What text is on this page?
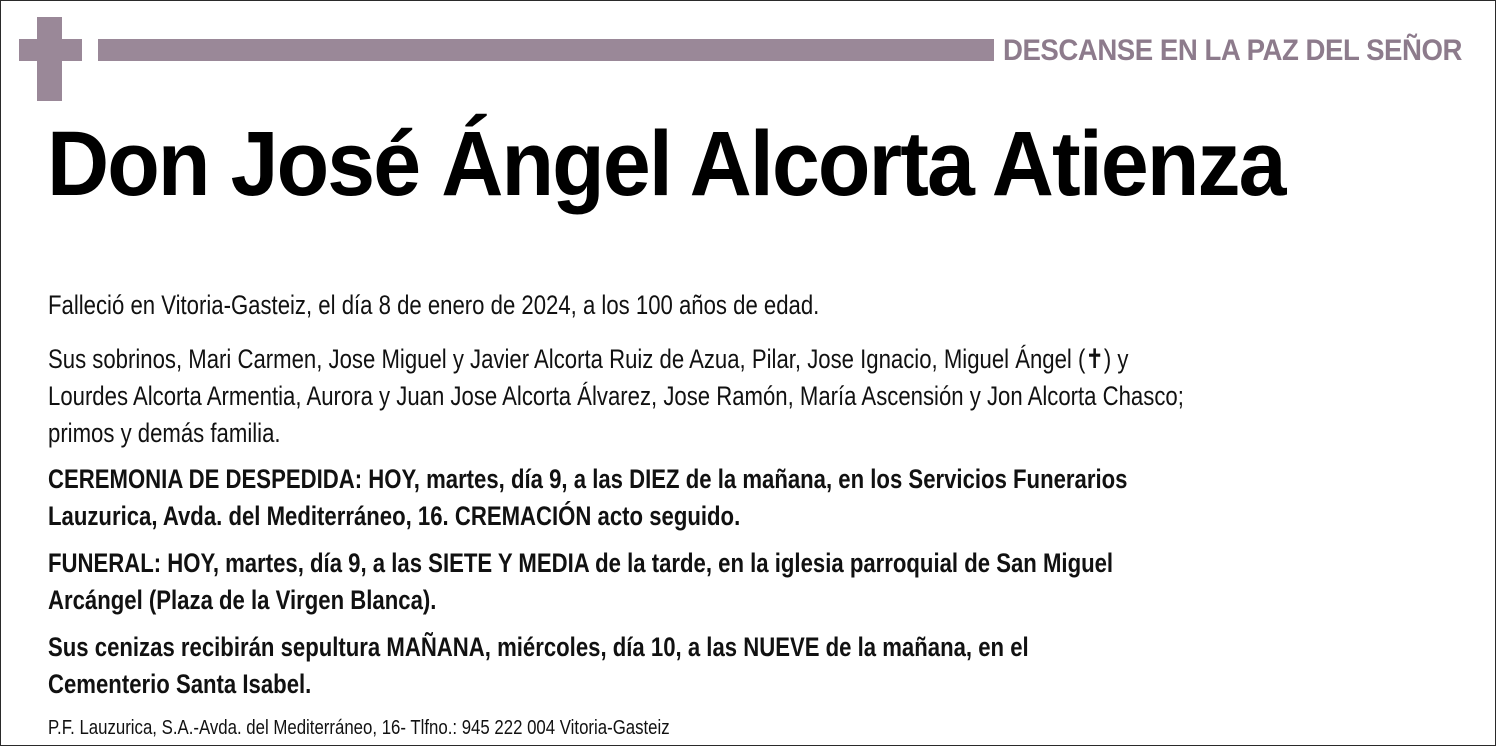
DESCANSE EN LA PAZ DEL SEÑOR
Don José Ángel Alcorta Atienza
Falleció en Vitoria-Gasteiz, el día 8 de enero de 2024, a los 100 años de edad.
Sus sobrinos, Mari Carmen, Jose Miguel y Javier Alcorta Ruiz de Azua, Pilar, Jose Ignacio, Miguel Ángel (✝) y
Lourdes Alcorta Armentia, Aurora y Juan Jose Alcorta Álvarez, Jose Ramón, María Ascensión y Jon Alcorta Chasco;
primos y demás familia.
CEREMONIA DE DESPEDIDA: HOY, martes, día 9, a las DIEZ de la mañana, en los Servicios Funerarios
Lauzurica, Avda. del Mediterráneo, 16. CREMACIÓN acto seguido.
FUNERAL: HOY, martes, día 9, a las SIETE Y MEDIA de la tarde, en la iglesia parroquial de San Miguel
Arcángel (Plaza de la Virgen Blanca).
Sus cenizas recibirán sepultura MAÑANA, miércoles, día 10, a las NUEVE de la mañana, en el
Cementerio Santa Isabel.
P.F. Lauzurica, S.A.-Avda. del Mediterráneo, 16- Tlfno.: 945 222 004 Vitoria-Gasteiz
